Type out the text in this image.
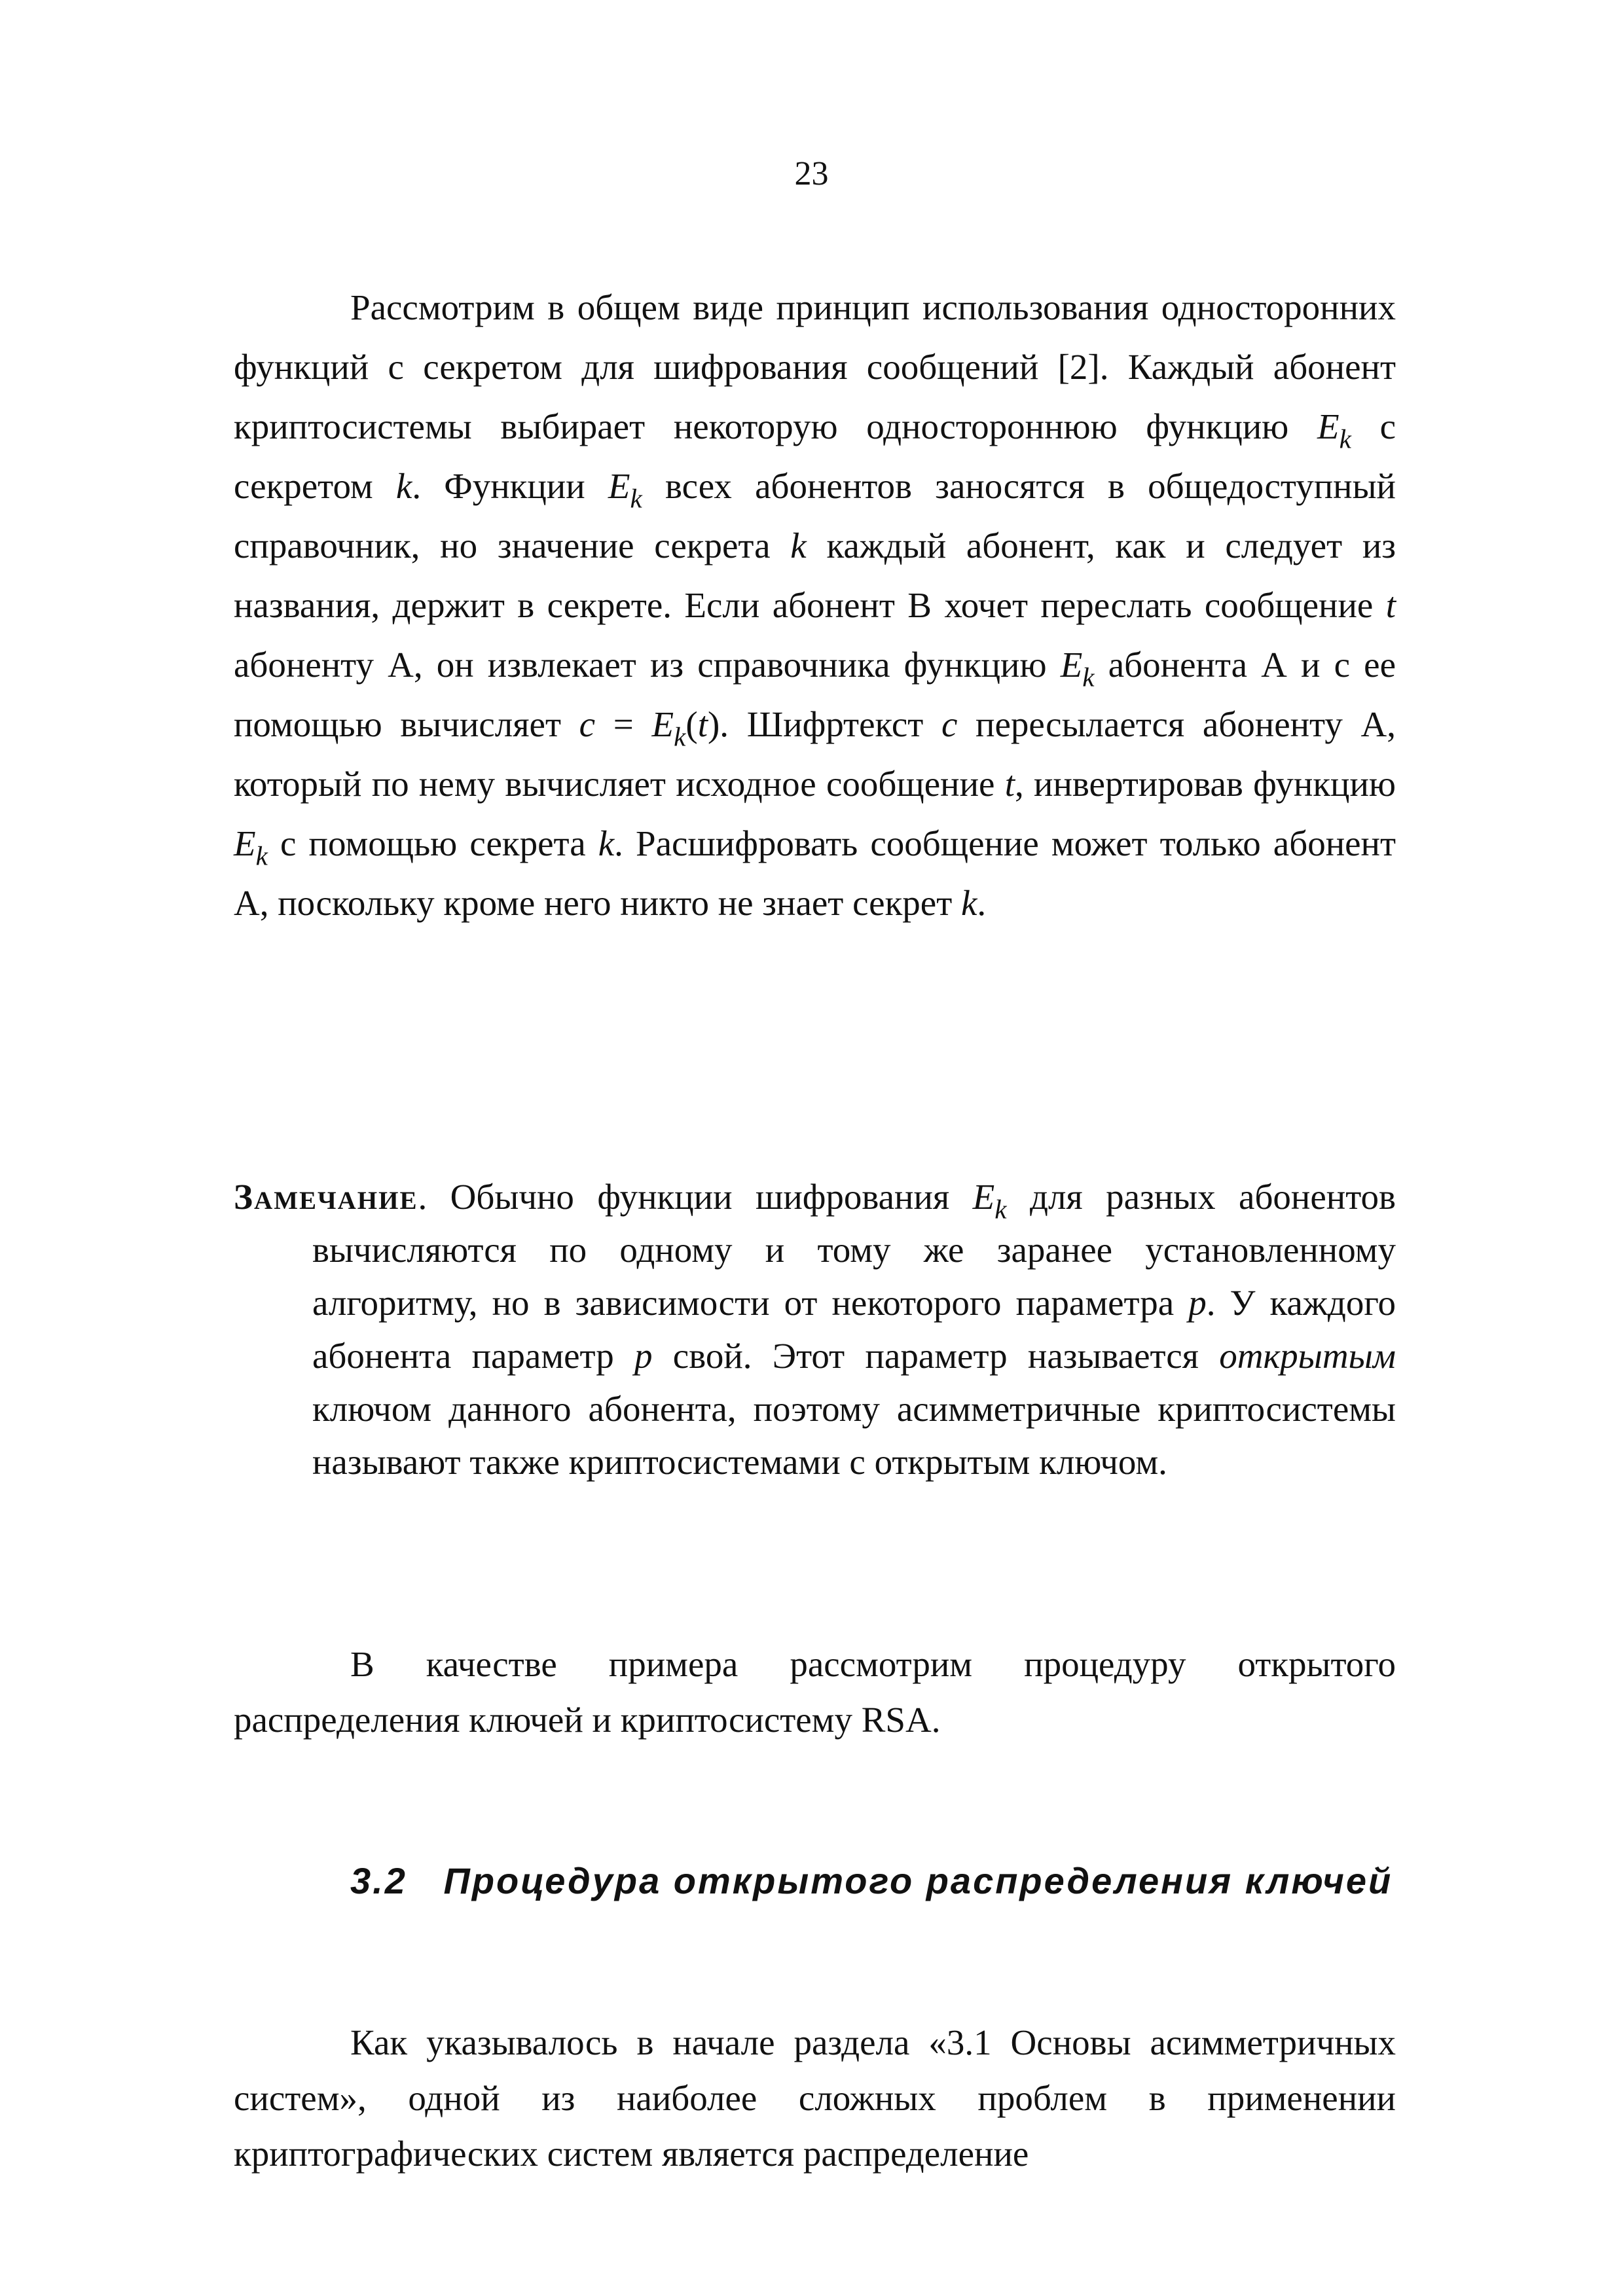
23

Рассмотрим в общем виде принцип использования односторонних функций с секретом для шифрования сообщений [2]. Каждый абонент криптосистемы выбирает некоторую одностороннюю функцию $E_k$ с секретом k. Функции $E_k$ всех абонентов заносятся в общедоступный справочник, но значение секрета k каждый абонент, как и следует из названия, держит в секрете. Если абонент В хочет переслать сообщение t абоненту А, он извлекает из справочника функцию $E_k$ абонента А и с ее помощью вычисляет $c = E_k(t)$. Шифртекст c пересылается абоненту А, который по нему вычисляет исходное сообщение t, инвертировав функцию $E_k$ с помощью секрета k. Расшифровать сообщение может только абонент А, поскольку кроме него никто не знает секрет k.

Замечание. Обычно функции шифрования $E_k$ для разных абонентов вычисляются по одному и тому же заранее установленному алгоритму, но в зависимости от некоторого параметра p. У каждого абонента параметр p свой. Этот параметр называется открытым ключом данного абонента, поэтому асимметричные криптосистемы называют также криптосистемами с открытым ключом.

В качестве примера рассмотрим процедуру открытого распределения ключей и криптосистему RSA.

3.2 Процедура открытого распределения ключей

Как указывалось в начале раздела «3.1 Основы асимметричных систем», одной из наиболее сложных проблем в применении криптографических систем является распределение
